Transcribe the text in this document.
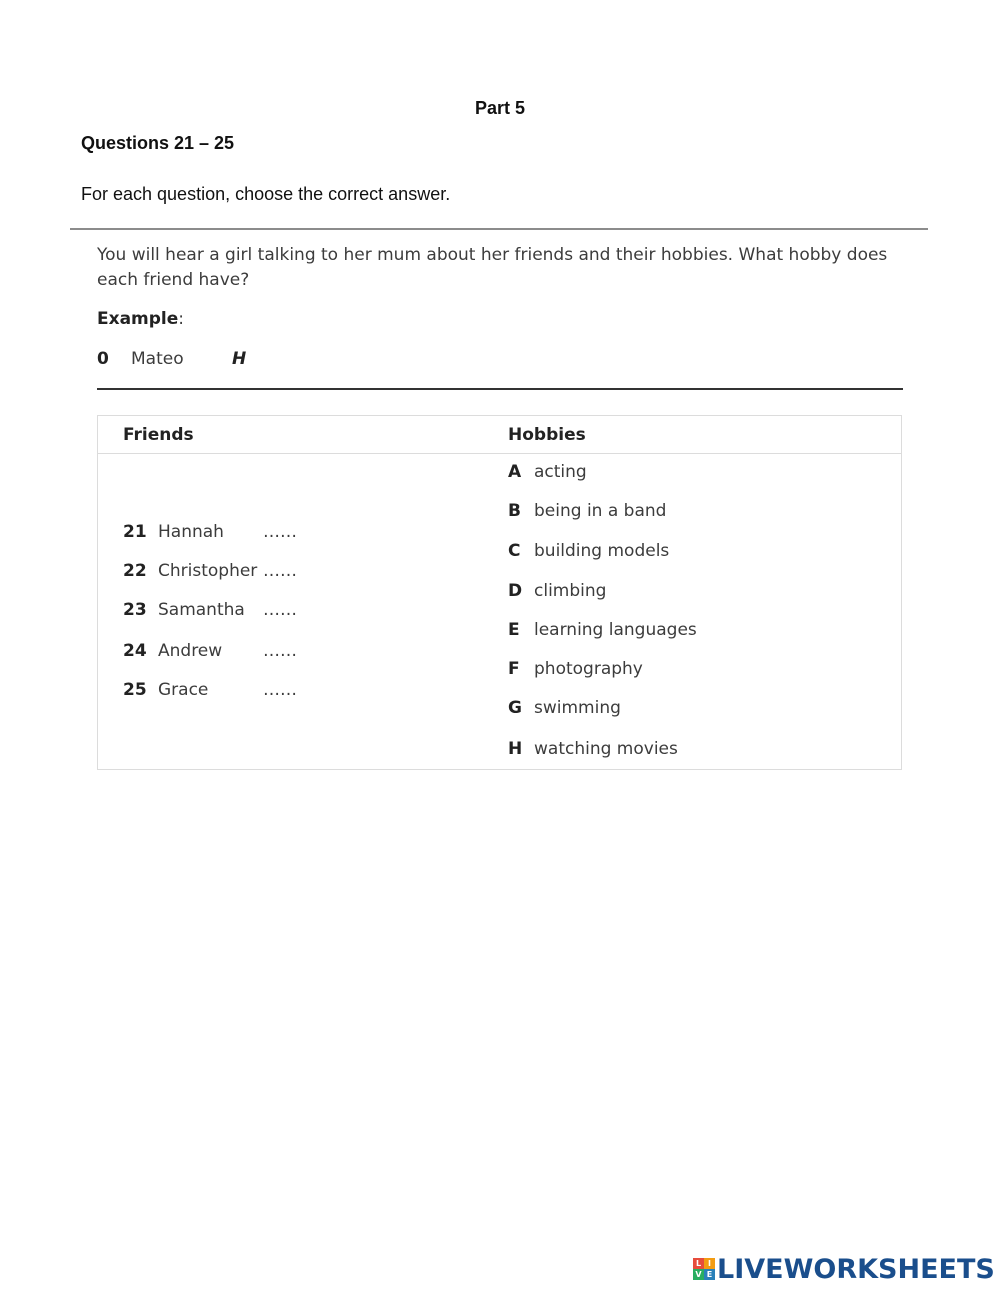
Part 5
Questions 21 – 25
For each question, choose the correct answer.
You will hear a girl talking to her mum about her friends and their hobbies. What hobby does each friend have?
Example:
0 Mateo	H
Friends	Hobbies
21 Hannah ……
22 Christopher ……
23 Samantha ……
24 Andrew ……
25 Grace	……
A acting
B being in a band
C building models
D climbing
E learning languages
F photography
G swimming
H watching movies
L I
V E LIVEWORKSHEETS
